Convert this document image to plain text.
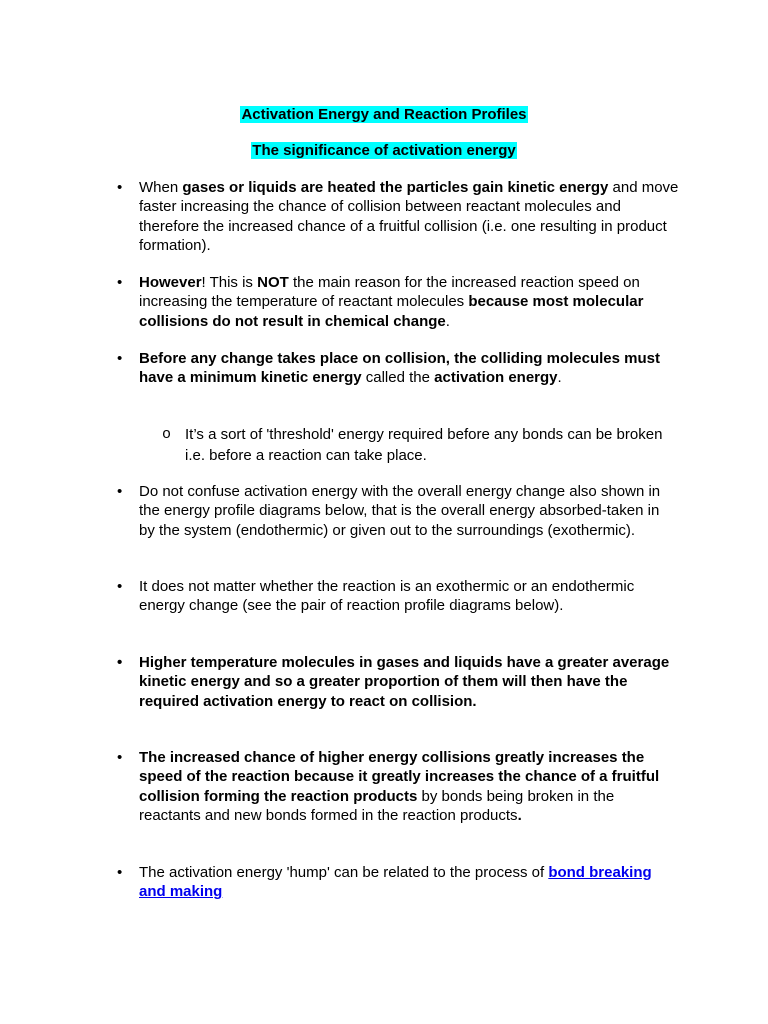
Activation Energy and Reaction Profiles
The significance of activation energy
• When gases or liquids are heated the particles gain kinetic energy and move faster increasing the chance of collision between reactant molecules and therefore the increased chance of a fruitful collision (i.e. one resulting in product formation).
• However! This is NOT the main reason for the increased reaction speed on increasing the temperature of reactant molecules because most molecular collisions do not result in chemical change.
• Before any change takes place on collision, the colliding molecules must have a minimum kinetic energy called the activation energy.
o It’s a sort of 'threshold' energy required before any bonds can be broken i.e. before a reaction can take place.
• Do not confuse activation energy with the overall energy change also shown in the energy profile diagrams below, that is the overall energy absorbed-taken in by the system (endothermic) or given out to the surroundings (exothermic).
• It does not matter whether the reaction is an exothermic or an endothermic energy change (see the pair of reaction profile diagrams below).
• Higher temperature molecules in gases and liquids have a greater average kinetic energy and so a greater proportion of them will then have the required activation energy to react on collision.
• The increased chance of higher energy collisions greatly increases the speed of the reaction because it greatly increases the chance of a fruitful collision forming the reaction products by bonds being broken in the reactants and new bonds formed in the reaction products.
• The activation energy 'hump' can be related to the process of bond breaking and making
